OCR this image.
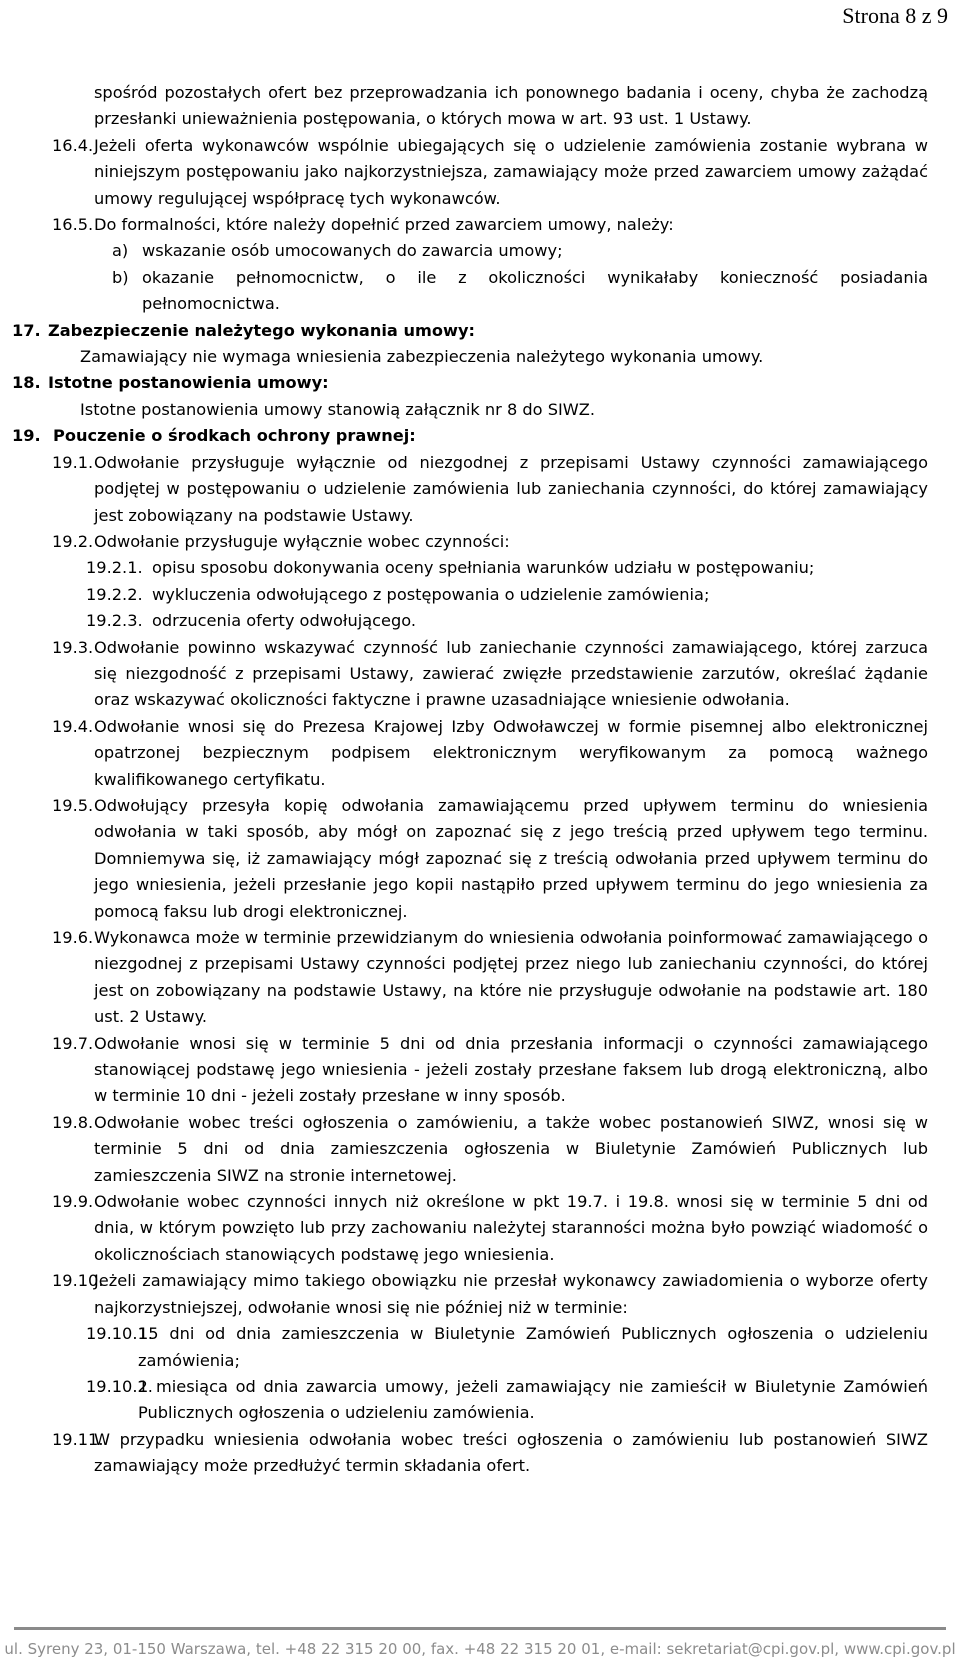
Strona 8 z 9
spośród pozostałych ofert bez przeprowadzania ich ponownego badania i oceny, chyba że zachodzą przesłanki unieważnienia postępowania, o których mowa w art. 93 ust. 1 Ustawy.
16.4. Jeżeli oferta wykonawców wspólnie ubiegających się o udzielenie zamówienia zostanie wybrana w niniejszym postępowaniu jako najkorzystniejsza, zamawiający może przed zawarciem umowy zażądać umowy regulującej współpracę tych wykonawców.
16.5. Do formalności, które należy dopełnić przed zawarciem umowy, należy:
a) wskazanie osób umocowanych do zawarcia umowy;
b) okazanie pełnomocnictw, o ile z okoliczności wynikałaby konieczność posiadania pełnomocnictwa.
17. Zabezpieczenie należytego wykonania umowy:
Zamawiający nie wymaga wniesienia zabezpieczenia należytego wykonania umowy.
18. Istotne postanowienia umowy:
Istotne postanowienia umowy stanowią załącznik nr 8 do SIWZ.
19. Pouczenie o środkach ochrony prawnej:
19.1. Odwołanie przysługuje wyłącznie od niezgodnej z przepisami Ustawy czynności zamawiającego podjętej w postępowaniu o udzielenie zamówienia lub zaniechania czynności, do której zamawiający jest zobowiązany na podstawie Ustawy.
19.2. Odwołanie przysługuje wyłącznie wobec czynności:
19.2.1. opisu sposobu dokonywania oceny spełniania warunków udziału w postępowaniu;
19.2.2. wykluczenia odwołującego z postępowania o udzielenie zamówienia;
19.2.3. odrzucenia oferty odwołującego.
19.3. Odwołanie powinno wskazywać czynność lub zaniechanie czynności zamawiającego, której zarzuca się niezgodność z przepisami Ustawy, zawierać zwięzłe przedstawienie zarzutów, określać żądanie oraz wskazywać okoliczności faktyczne i prawne uzasadniające wniesienie odwołania.
19.4. Odwołanie wnosi się do Prezesa Krajowej Izby Odwoławczej w formie pisemnej albo elektronicznej opatrzonej bezpiecznym podpisem elektronicznym weryfikowanym za pomocą ważnego kwalifikowanego certyfikatu.
19.5. Odwołujący przesyła kopię odwołania zamawiającemu przed upływem terminu do wniesienia odwołania w taki sposób, aby mógł on zapoznać się z jego treścią przed upływem tego terminu. Domniemywa się, iż zamawiający mógł zapoznać się z treścią odwołania przed upływem terminu do jego wniesienia, jeżeli przesłanie jego kopii nastąpiło przed upływem terminu do jego wniesienia za pomocą faksu lub drogi elektronicznej.
19.6. Wykonawca może w terminie przewidzianym do wniesienia odwołania poinformować zamawiającego o niezgodnej z przepisami Ustawy czynności podjętej przez niego lub zaniechaniu czynności, do której jest on zobowiązany na podstawie Ustawy, na które nie przysługuje odwołanie na podstawie art. 180 ust. 2 Ustawy.
19.7. Odwołanie wnosi się w terminie 5 dni od dnia przesłania informacji o czynności zamawiającego stanowiącej podstawę jego wniesienia - jeżeli zostały przesłane faksem lub drogą elektroniczną, albo w terminie 10 dni - jeżeli zostały przesłane w inny sposób.
19.8. Odwołanie wobec treści ogłoszenia o zamówieniu, a także wobec postanowień SIWZ, wnosi się w terminie 5 dni od dnia zamieszczenia ogłoszenia w Biuletynie Zamówień Publicznych lub zamieszczenia SIWZ na stronie internetowej.
19.9. Odwołanie wobec czynności innych niż określone w pkt 19.7. i 19.8. wnosi się w terminie 5 dni od dnia, w którym powzięto lub przy zachowaniu należytej staranności można było powziąć wiadomość o okolicznościach stanowiących podstawę jego wniesienia.
19.10.
Jeżeli zamawiający mimo takiego obowiązku nie przesłał wykonawcy zawiadomienia o wyborze oferty najkorzystniejszej, odwołanie wnosi się nie później niż w terminie:
19.10.1.
15 dni od dnia zamieszczenia w Biuletynie Zamówień Publicznych ogłoszenia o udzieleniu zamówienia;
19.10.2.
1 miesiąca od dnia zawarcia umowy, jeżeli zamawiający nie zamieścił w Biuletynie Zamówień Publicznych ogłoszenia o udzieleniu zamówienia.
19.11.
W przypadku wniesienia odwołania wobec treści ogłoszenia o zamówieniu lub postanowień SIWZ zamawiający może przedłużyć termin składania ofert.
ul. Syreny 23, 01-150 Warszawa, tel. +48 22 315 20 00, fax. +48 22 315 20 01, e-mail: sekretariat@cpi.gov.pl, www.cpi.gov.pl
